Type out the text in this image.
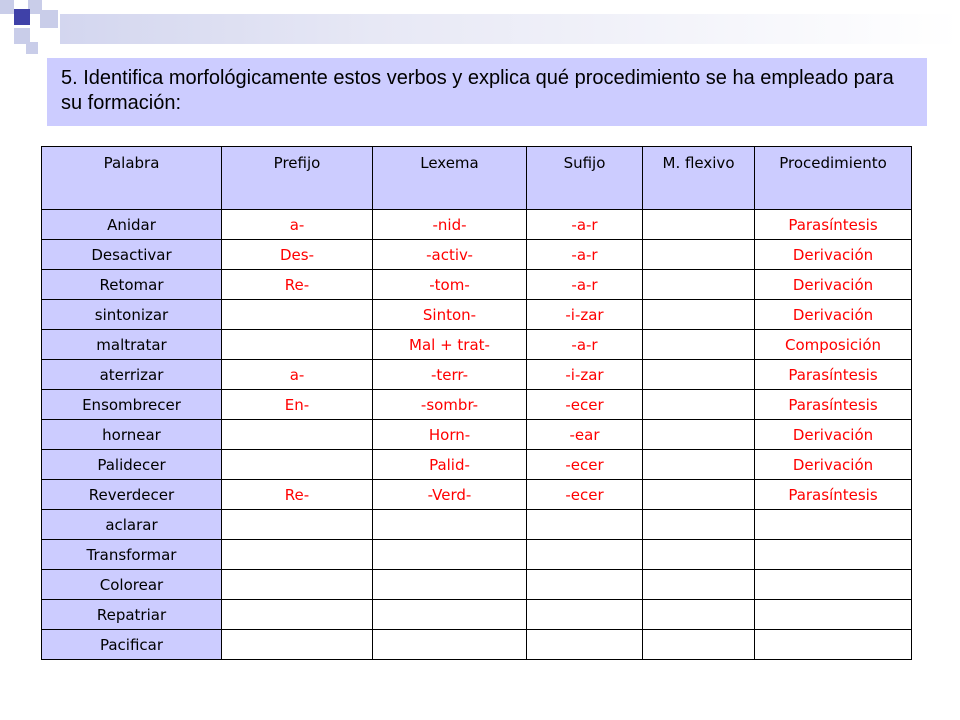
5. Identifica morfológicamente estos verbos y explica qué procedimiento se ha empleado para su formación:
Palabra	Prefijo	Lexema	Sufijo	M. flexivo	Procedimiento
Anidar	a-	-nid-	-a-r		Parasíntesis
Desactivar	Des-	-activ-	-a-r		Derivación
Retomar	Re-	-tom-	-a-r		Derivación
sintonizar		Sinton-	-i-zar		Derivación
maltratar		Mal + trat-	-a-r		Composición
aterrizar	a-	-terr-	-i-zar		Parasíntesis
Ensombrecer	En-	-sombr-	-ecer		Parasíntesis
hornear		Horn-	-ear		Derivación
Palidecer		Palid-	-ecer		Derivación
Reverdecer	Re-	-Verd-	-ecer		Parasíntesis
aclarar					
Transformar					
Colorear					
Repatriar					
Pacificar					
